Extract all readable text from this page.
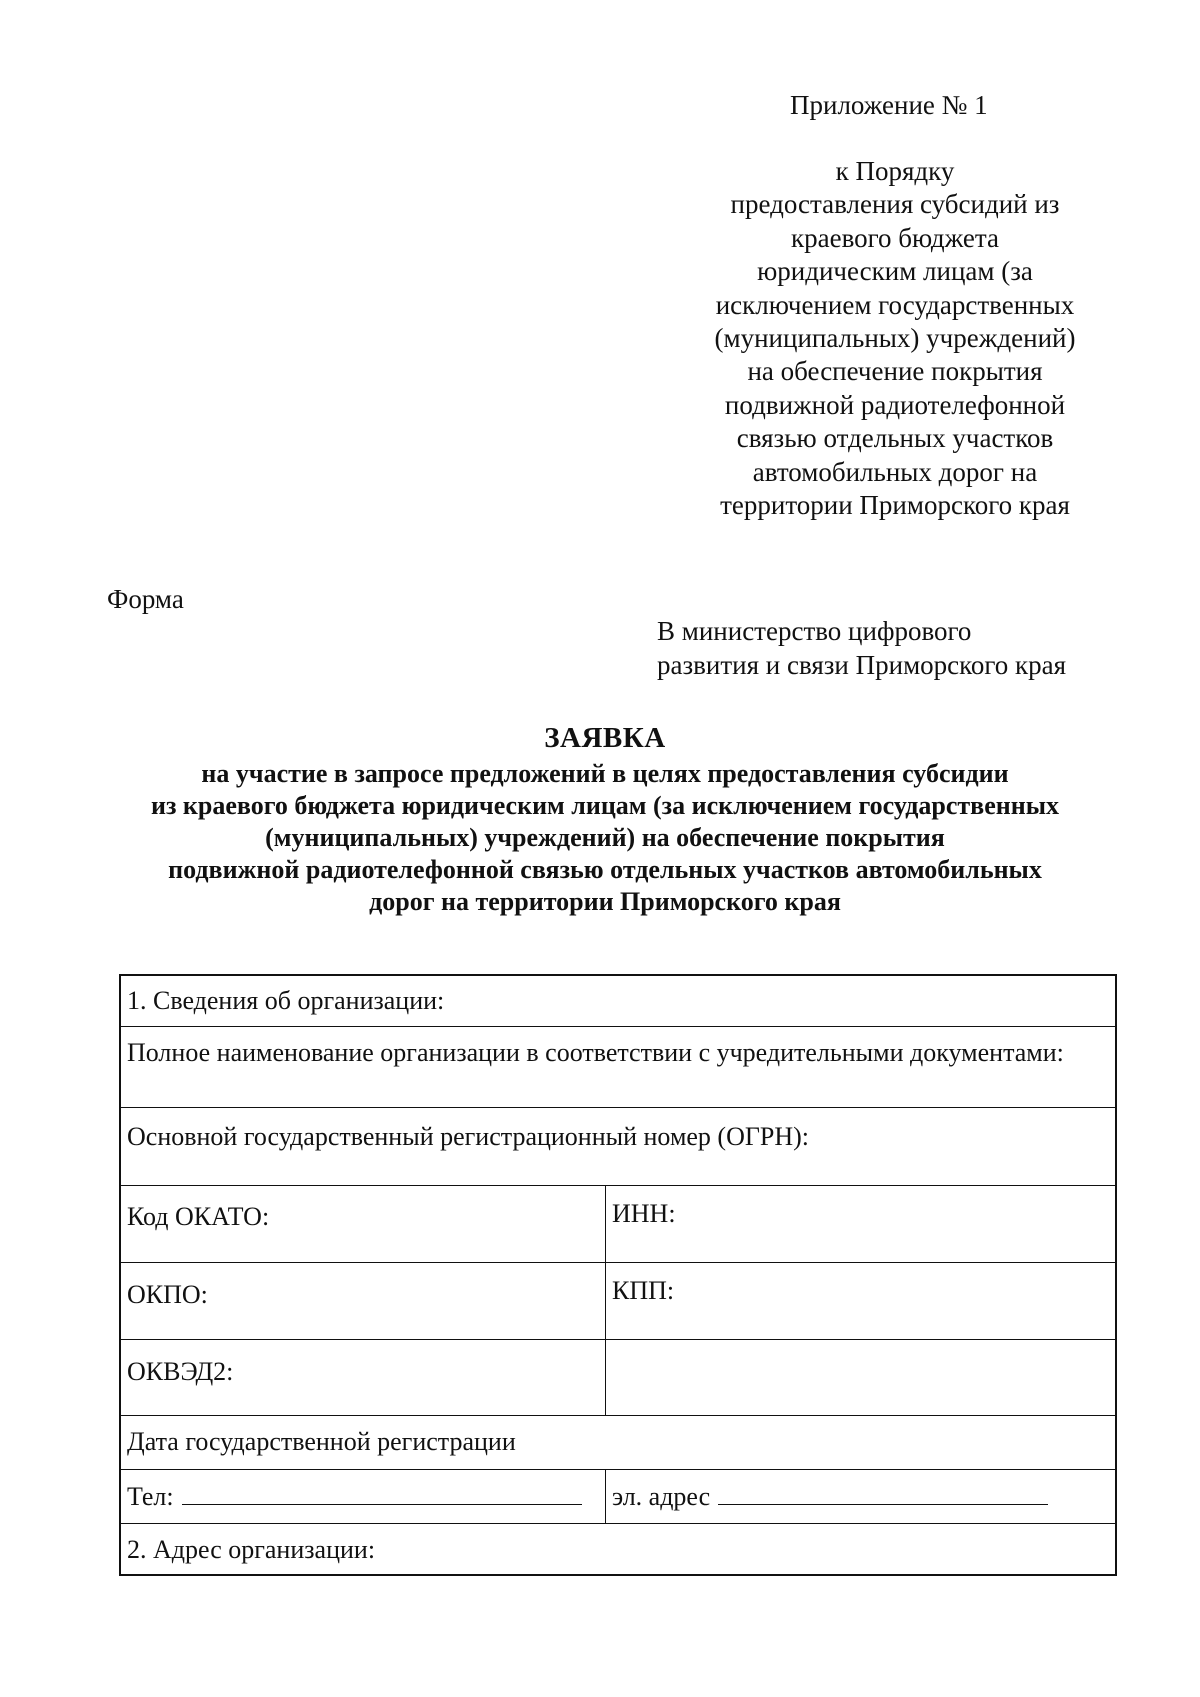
Приложение № 1
к Порядку
предоставления субсидий из
краевого бюджета
юридическим лицам (за
исключением государственных
(муниципальных) учреждений)
на обеспечение покрытия
подвижной радиотелефонной
связью отдельных участков
автомобильных дорог на
территории Приморского края
Форма
В министерство цифрового
развития и связи Приморского края
ЗАЯВКА
на участие в запросе предложений в целях предоставления субсидии
из краевого бюджета юридическим лицам (за исключением государственных
(муниципальных) учреждений) на обеспечение покрытия
подвижной радиотелефонной связью отдельных участков автомобильных
дорог на территории Приморского края
1. Сведения об организации:
Полное наименование организации в соответствии с учредительными документами:
Основной государственный регистрационный номер (ОГРН):
Код ОКАТО:	ИНН:
ОКПО:	КПП:
ОКВЭД2:
Дата государственной регистрации
Тел:	эл. адрес
2. Адрес организации:
